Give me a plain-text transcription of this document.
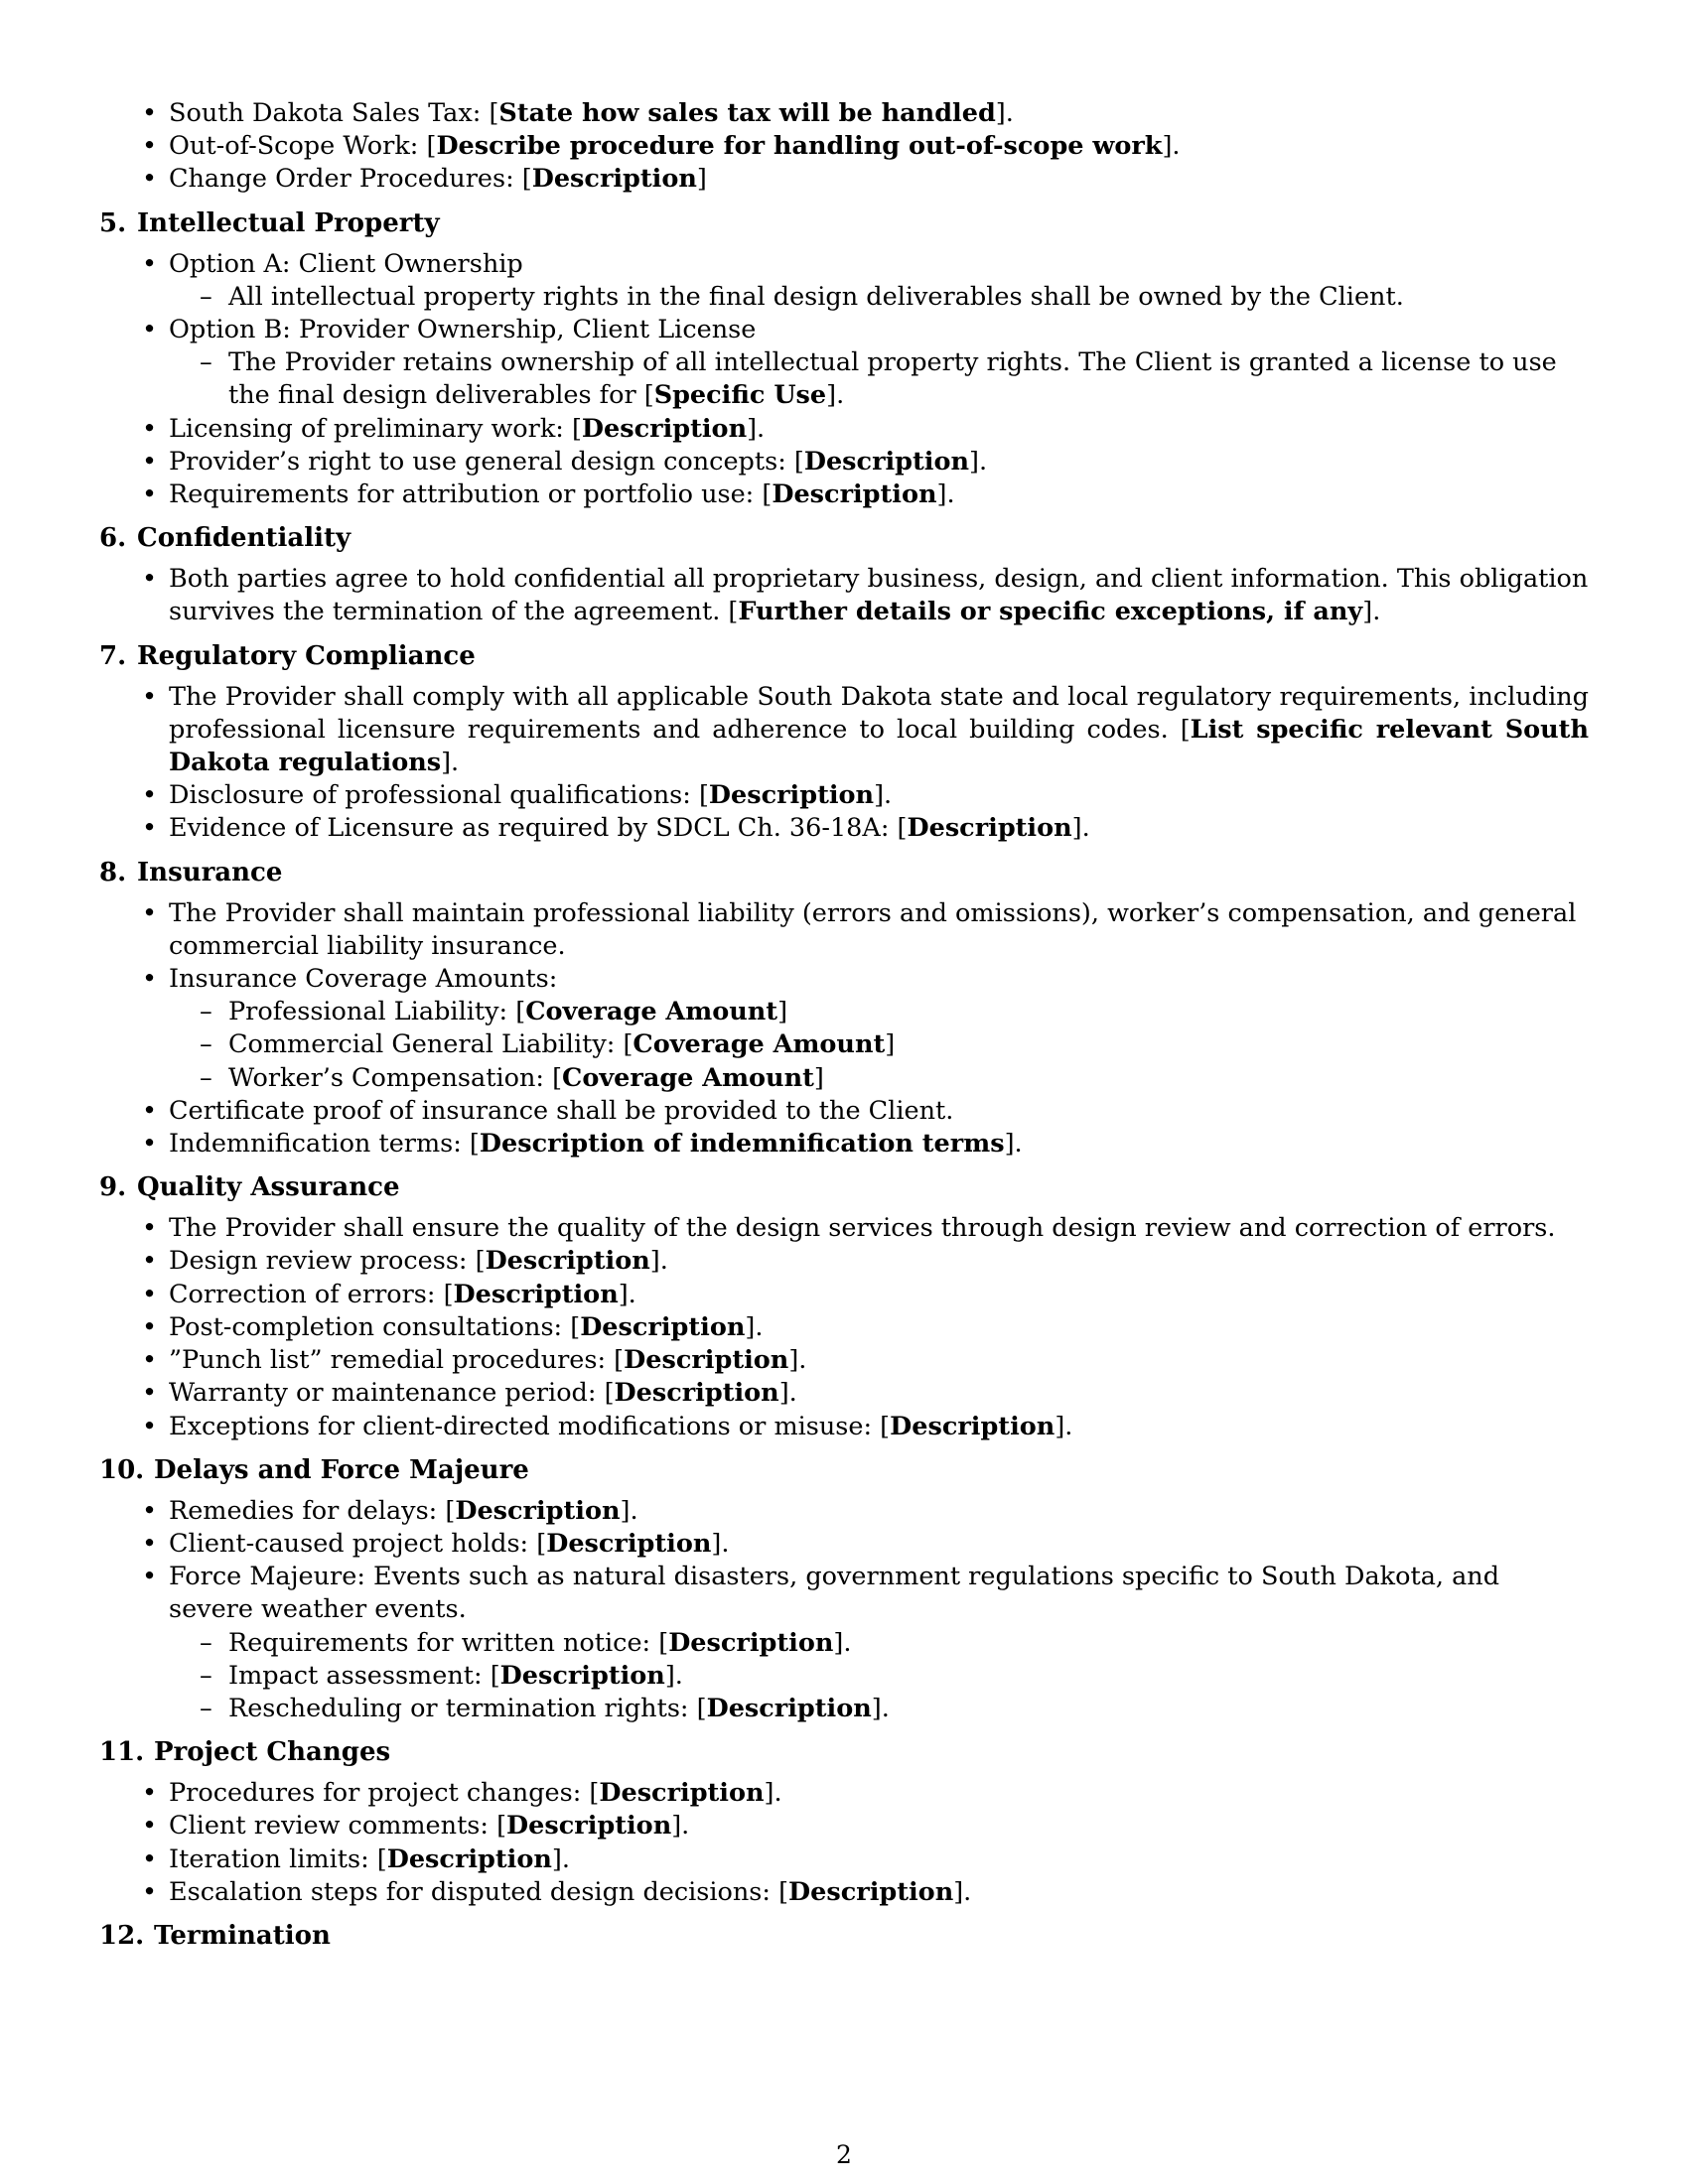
• South Dakota Sales Tax: [State how sales tax will be handled].
• Out-of-Scope Work: [Describe procedure for handling out-of-scope work].
• Change Order Procedures: [Description]
5. Intellectual Property
• Option A: Client Ownership
– All intellectual property rights in the final design deliverables shall be owned by the Client.
• Option B: Provider Ownership, Client License
– The Provider retains ownership of all intellectual property rights. The Client is granted a license to use the final design deliverables for [Specific Use].
• Licensing of preliminary work: [Description].
• Provider’s right to use general design concepts: [Description].
• Requirements for attribution or portfolio use: [Description].
6. Confidentiality
• Both parties agree to hold confidential all proprietary business, design, and client information. This obligation survives the termination of the agreement. [Further details or specific exceptions, if any].
7. Regulatory Compliance
• The Provider shall comply with all applicable South Dakota state and local regulatory requirements, including professional licensure requirements and adherence to local building codes. [List specific relevant South Dakota regulations].
• Disclosure of professional qualifications: [Description].
• Evidence of Licensure as required by SDCL Ch. 36-18A: [Description].
8. Insurance
• The Provider shall maintain professional liability (errors and omissions), worker’s compensation, and general commercial liability insurance.
• Insurance Coverage Amounts:
– Professional Liability: [Coverage Amount]
– Commercial General Liability: [Coverage Amount]
– Worker’s Compensation: [Coverage Amount]
• Certificate proof of insurance shall be provided to the Client.
• Indemnification terms: [Description of indemnification terms].
9. Quality Assurance
• The Provider shall ensure the quality of the design services through design review and correction of errors.
• Design review process: [Description].
• Correction of errors: [Description].
• Post-completion consultations: [Description].
• ”Punch list” remedial procedures: [Description].
• Warranty or maintenance period: [Description].
• Exceptions for client-directed modifications or misuse: [Description].
10. Delays and Force Majeure
• Remedies for delays: [Description].
• Client-caused project holds: [Description].
• Force Majeure: Events such as natural disasters, government regulations specific to South Dakota, and severe weather events.
– Requirements for written notice: [Description].
– Impact assessment: [Description].
– Rescheduling or termination rights: [Description].
11. Project Changes
• Procedures for project changes: [Description].
• Client review comments: [Description].
• Iteration limits: [Description].
• Escalation steps for disputed design decisions: [Description].
12. Termination
2
